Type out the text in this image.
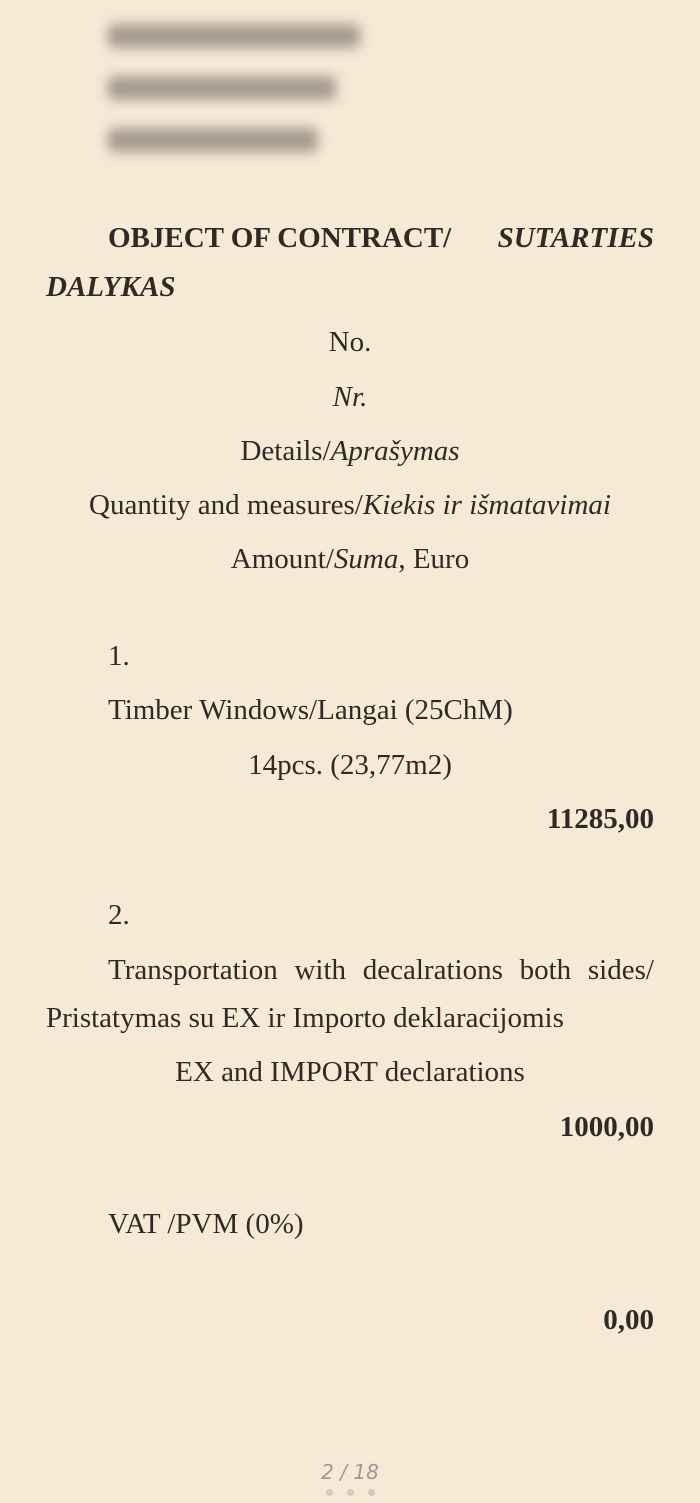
OBJECT OF CONTRACT/ SUTARTIES
DALYKAS
No.
Nr.
Details/Aprašymas
Quantity and measures/Kiekis ir išmatavimai
Amount/Suma, Euro
1.
Timber Windows/Langai (25ChM)
14pcs. (23,77m2)
11285,00
2.
Transportation with decalrations both sides/
Pristatymas su EX ir Importo deklaracijomis
EX and IMPORT declarations
1000,00
VAT /PVM (0%)
0,00
2 / 18
